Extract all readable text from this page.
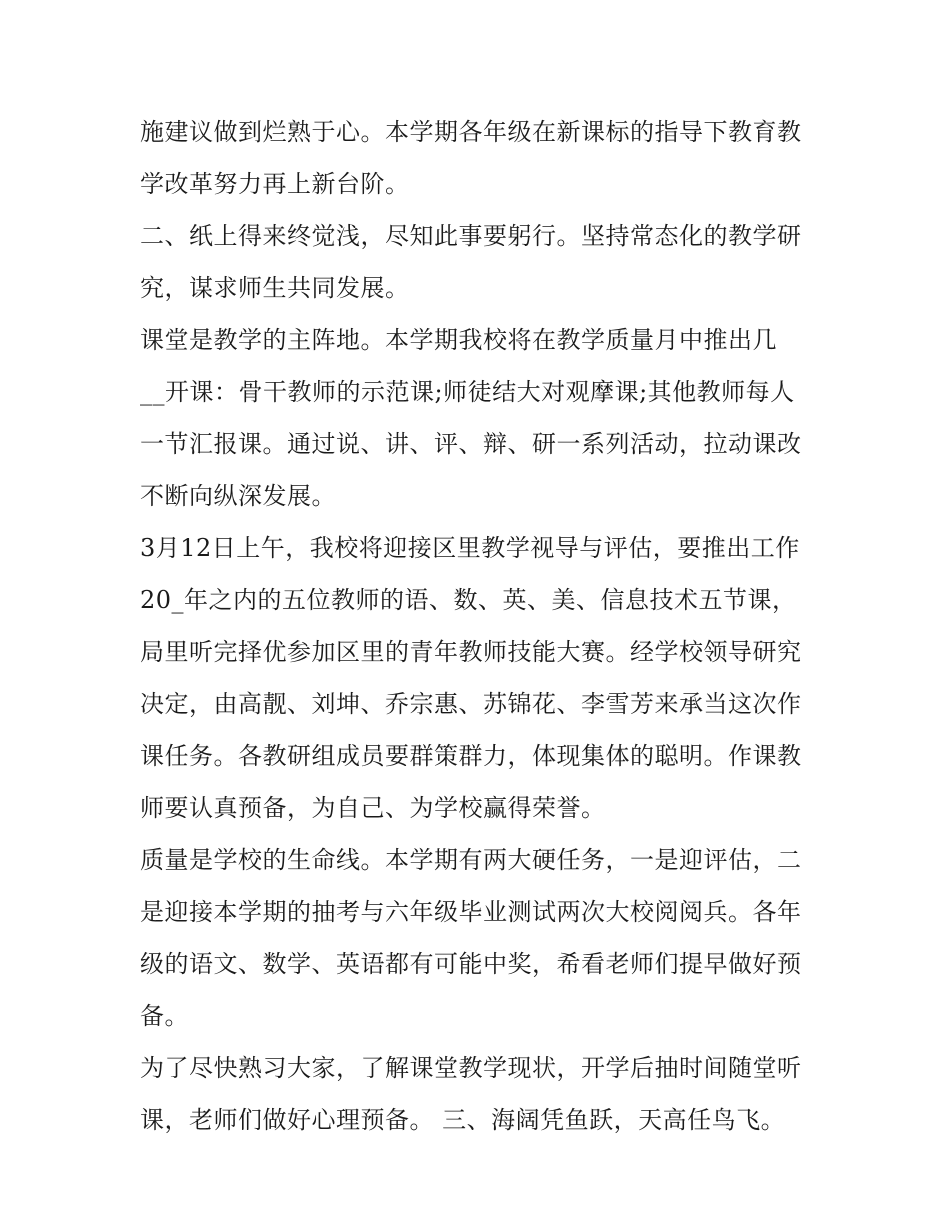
施建议做到烂熟于心。本学期各年级在新课标的指导下教育教
学改革努力再上新台阶。
二、纸上得来终觉浅，尽知此事要躬行。坚持常态化的教学研
究，谋求师生共同发展。
课堂是教学的主阵地。本学期我校将在教学质量月中推出几
__开课：骨干教师的示范课;师徒结大对观摩课;其他教师每人
一节汇报课。通过说、讲、评、辩、研一系列活动，拉动课改
不断向纵深发展。
3月12日上午，我校将迎接区里教学视导与评估，要推出工作
20_年之内的五位教师的语、数、英、美、信息技术五节课，
局里听完择优参加区里的青年教师技能大赛。经学校领导研究
决定，由高靓、刘坤、乔宗惠、苏锦花、李雪芳来承当这次作
课任务。各教研组成员要群策群力，体现集体的聪明。作课教
师要认真预备，为自己、为学校赢得荣誉。
质量是学校的生命线。本学期有两大硬任务，一是迎评估，二
是迎接本学期的抽考与六年级毕业测试两次大校阅阅兵。各年
级的语文、数学、英语都有可能中奖，希看老师们提早做好预
备。
为了尽快熟习大家，了解课堂教学现状，开学后抽时间随堂听
课，老师们做好心理预备。 三、海阔凭鱼跃，天高任鸟飞。
